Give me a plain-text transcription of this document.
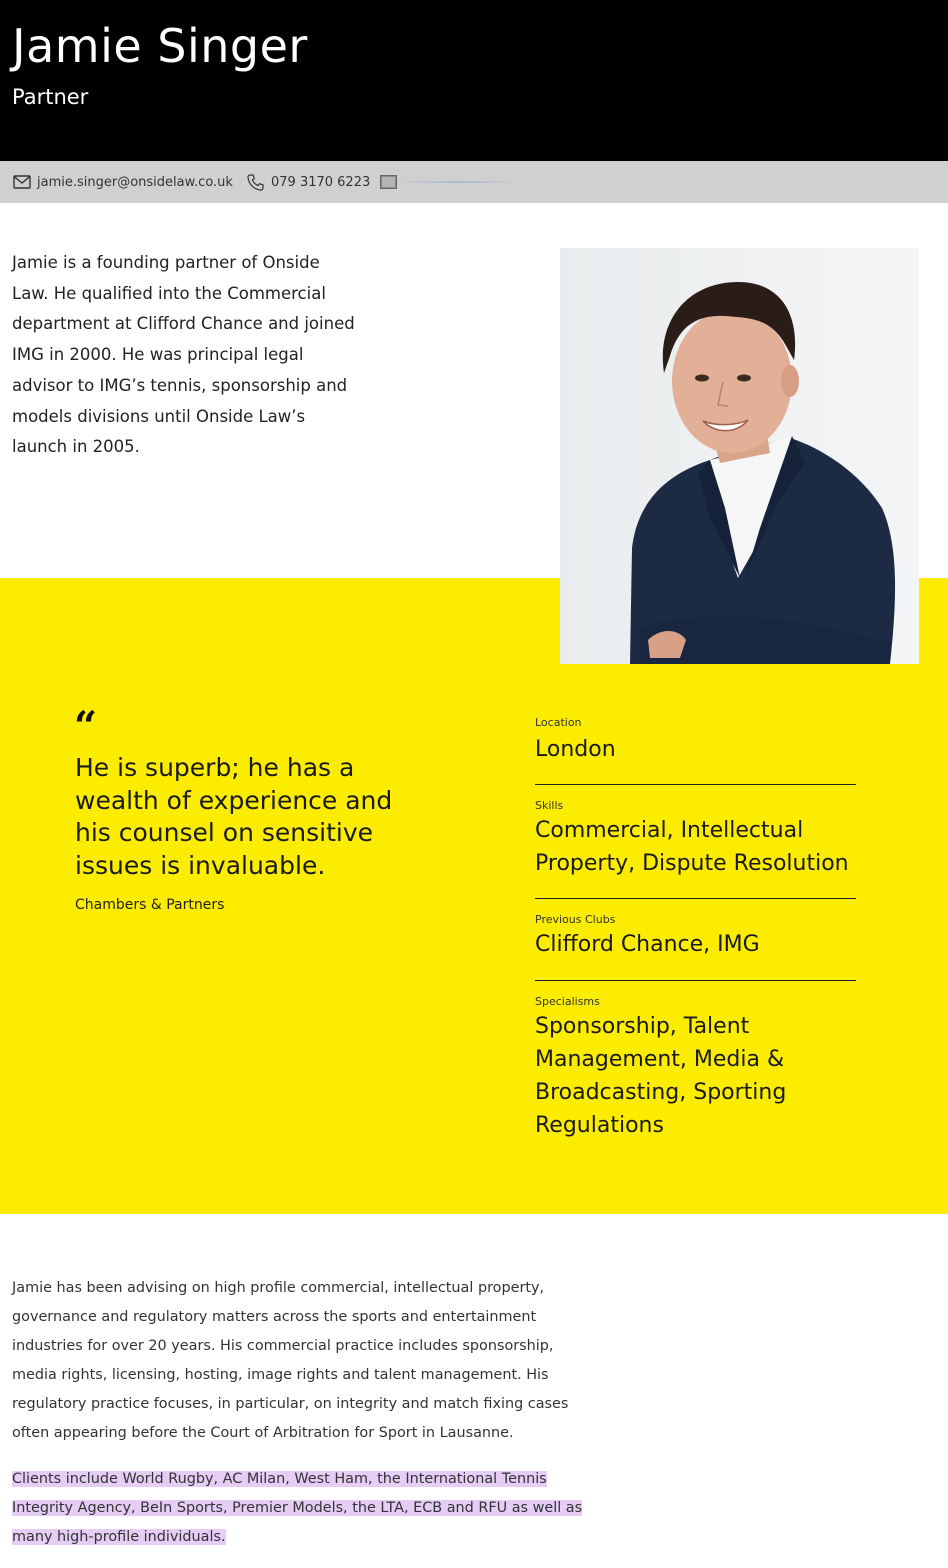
Jamie Singer
Partner
jamie.singer@onsidelaw.co.uk	079 3170 6223

Jamie is a founding partner of Onside Law. He qualified into the Commercial department at Clifford Chance and joined IMG in 2000. He was principal legal advisor to IMG’s tennis, sponsorship and models divisions until Onside Law’s launch in 2005.

“
He is superb; he has a wealth of experience and his counsel on sensitive issues is invaluable.
Chambers & Partners
Location
London
Skills
Commercial, Intellectual Property, Dispute Resolution
Previous Clubs
Clifford Chance, IMG
Specialisms
Sponsorship, Talent Management, Media & Broadcasting, Sporting Regulations

Jamie has been advising on high profile commercial, intellectual property, governance and regulatory matters across the sports and entertainment industries for over 20 years. His commercial practice includes sponsorship, media rights, licensing, hosting, image rights and talent management. His regulatory practice focuses, in particular, on integrity and match fixing cases often appearing before the Court of Arbitration for Sport in Lausanne.

Clients include World Rugby, AC Milan, West Ham, the International Tennis Integrity Agency, BeIn Sports, Premier Models, the LTA, ECB and RFU as well as many high-profile individuals.
